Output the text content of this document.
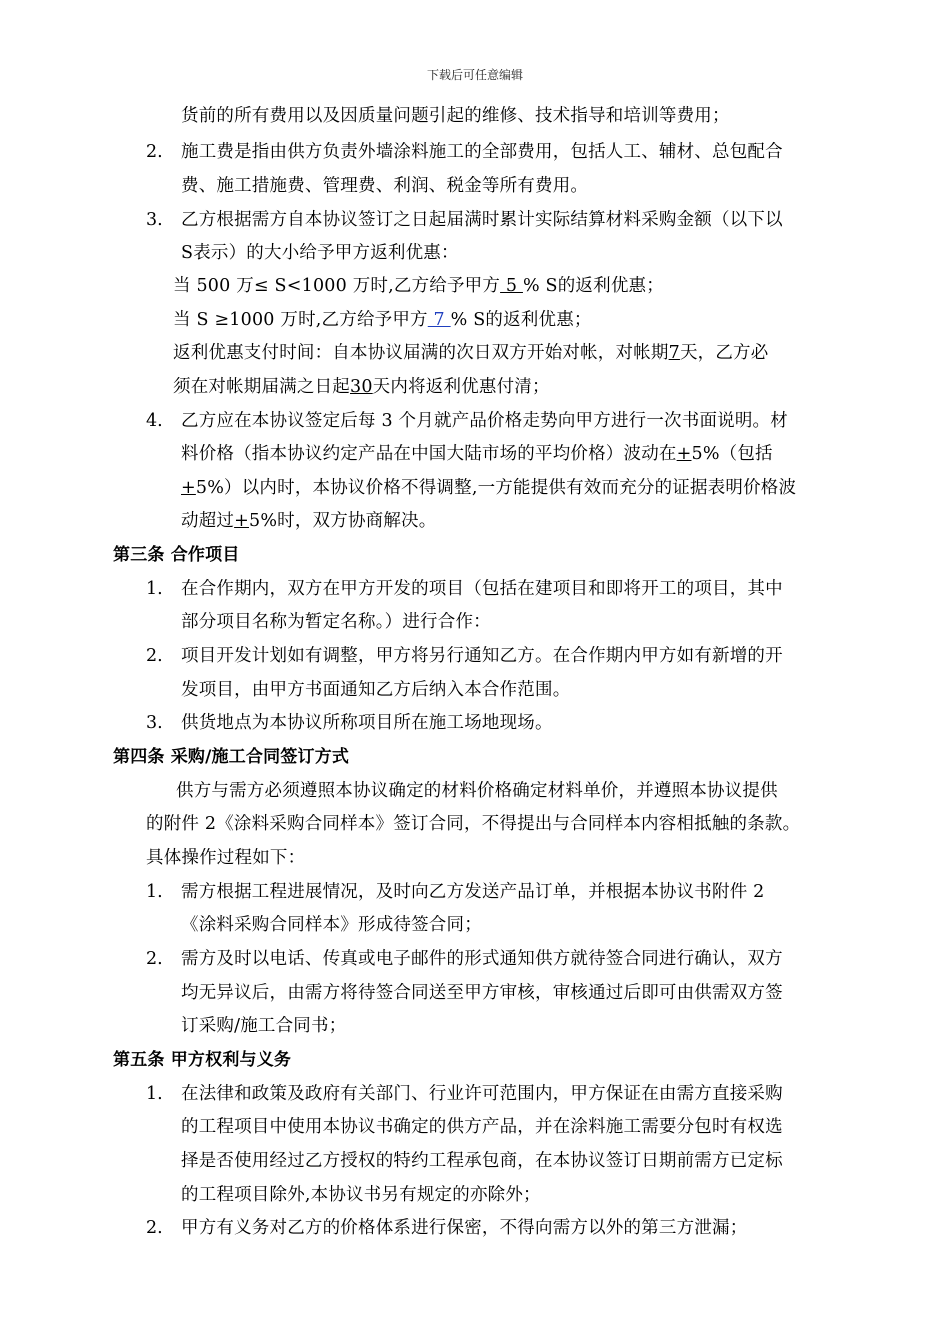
下载后可任意编辑
货前的所有费用以及因质量问题引起的维修、技术指导和培训等费用；
2. 施工费是指由供方负责外墙涂料施工的全部费用，包括人工、辅材、总包配合
费、施工措施费、管理费、利润、税金等所有费用。
3. 乙方根据需方自本协议签订之日起届满时累计实际结算材料采购金额（以下以
S表示）的大小给予甲方返利优惠：
当 500 万≤ S<1000 万时,乙方给予甲方 5 % S的返利优惠；
当 S ≥1000 万时,乙方给予甲方 7 % S的返利优惠；
返利优惠支付时间：自本协议届满的次日双方开始对帐，对帐期7天，乙方必
须在对帐期届满之日起30天内将返利优惠付清；
4. 乙方应在本协议签定后每 3 个月就产品价格走势向甲方进行一次书面说明。材
料价格（指本协议约定产品在中国大陆市场的平均价格）波动在+5%（包括
+5%）以内时，本协议价格不得调整,一方能提供有效而充分的证据表明价格波
动超过+5%时，双方协商解决。
第三条 合作项目
1. 在合作期内，双方在甲方开发的项目（包括在建项目和即将开工的项目，其中
部分项目名称为暂定名称。）进行合作：
2. 项目开发计划如有调整，甲方将另行通知乙方。在合作期内甲方如有新增的开
发项目，由甲方书面通知乙方后纳入本合作范围。
3. 供货地点为本协议所称项目所在施工场地现场。
第四条 采购/施工合同签订方式
供方与需方必须遵照本协议确定的材料价格确定材料单价，并遵照本协议提供
的附件 2《涂料采购合同样本》签订合同，不得提出与合同样本内容相抵触的条款。
具体操作过程如下：
1. 需方根据工程进展情况，及时向乙方发送产品订单，并根据本协议书附件 2
《涂料采购合同样本》形成待签合同；
2. 需方及时以电话、传真或电子邮件的形式通知供方就待签合同进行确认，双方
均无异议后，由需方将待签合同送至甲方审核，审核通过后即可由供需双方签
订采购/施工合同书；
第五条 甲方权利与义务
1. 在法律和政策及政府有关部门、行业许可范围内，甲方保证在由需方直接采购
的工程项目中使用本协议书确定的供方产品，并在涂料施工需要分包时有权选
择是否使用经过乙方授权的特约工程承包商，在本协议签订日期前需方已定标
的工程项目除外,本协议书另有规定的亦除外；
2. 甲方有义务对乙方的价格体系进行保密，不得向需方以外的第三方泄漏；
